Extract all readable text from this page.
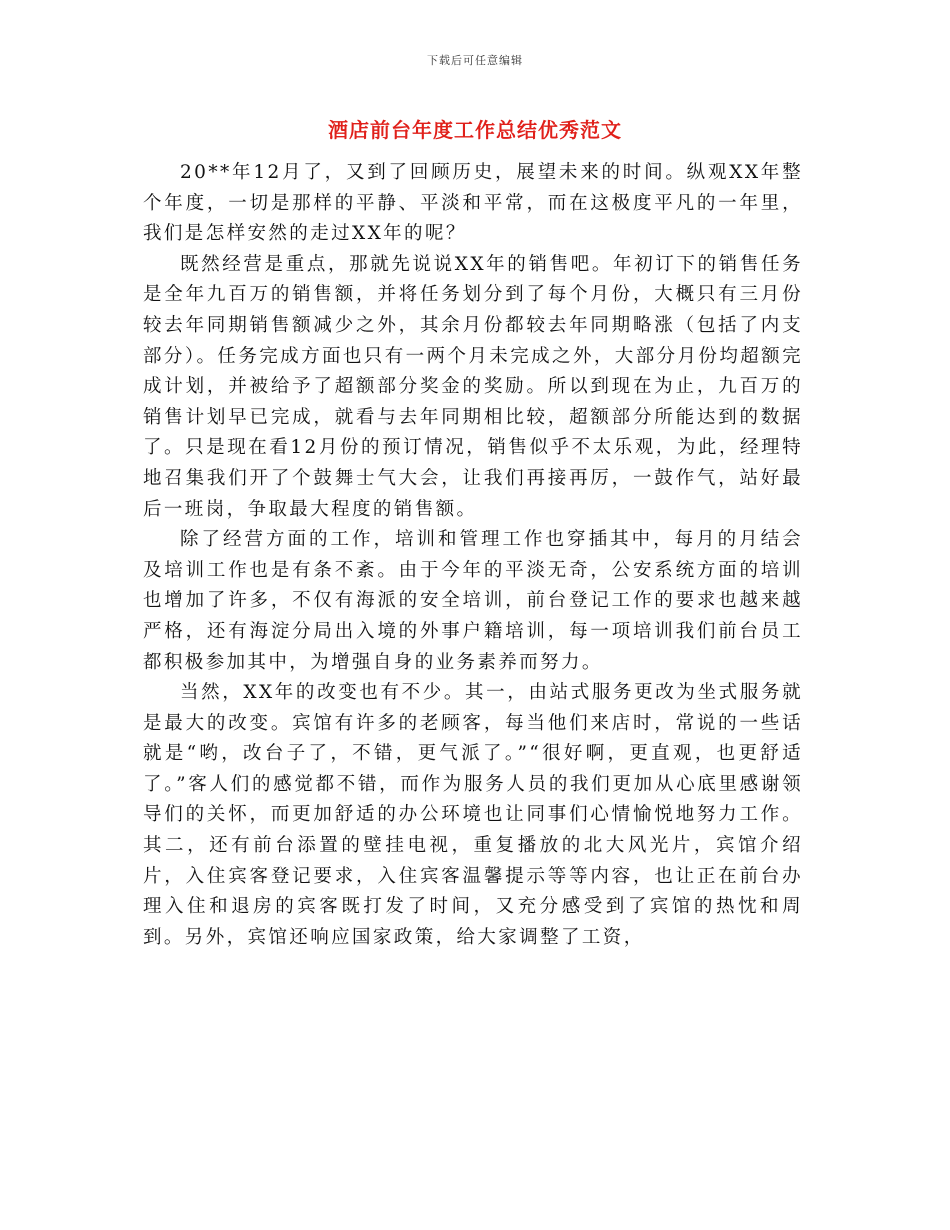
下载后可任意编辑
酒店前台年度工作总结优秀范文

20**年12月了，又到了回顾历史，展望未来的时间。纵观XX年整个年度，一切是那样的平静、平淡和平常，而在这极度平凡的一年里，我们是怎样安然的走过XX年的呢？

既然经营是重点，那就先说说XX年的销售吧。年初订下的销售任务是全年九百万的销售额，并将任务划分到了每个月份，大概只有三月份较去年同期销售额减少之外，其余月份都较去年同期略涨（包括了内支部分）。任务完成方面也只有一两个月未完成之外，大部分月份均超额完成计划，并被给予了超额部分奖金的奖励。所以到现在为止，九百万的销售计划早已完成，就看与去年同期相比较，超额部分所能达到的数据了。只是现在看12月份的预订情况，销售似乎不太乐观，为此，经理特地召集我们开了个鼓舞士气大会，让我们再接再厉，一鼓作气，站好最后一班岗，争取最大程度的销售额。

除了经营方面的工作，培训和管理工作也穿插其中，每月的月结会及培训工作也是有条不紊。由于今年的平淡无奇，公安系统方面的培训也增加了许多，不仅有海派的安全培训，前台登记工作的要求也越来越严格，还有海淀分局出入境的外事户籍培训，每一项培训我们前台员工都积极参加其中，为增强自身的业务素养而努力。

当然，XX年的改变也有不少。其一，由站式服务更改为坐式服务就是最大的改变。宾馆有许多的老顾客，每当他们来店时，常说的一些话就是“哟，改台子了，不错，更气派了。”“很好啊，更直观，也更舒适了。”客人们的感觉都不错，而作为服务人员的我们更加从心底里感谢领导们的关怀，而更加舒适的办公环境也让同事们心情愉悦地努力工作。其二，还有前台添置的壁挂电视，重复播放的北大风光片，宾馆介绍片，入住宾客登记要求，入住宾客温馨提示等等内容，也让正在前台办理入住和退房的宾客既打发了时间，又充分感受到了宾馆的热忱和周到。另外，宾馆还响应国家政策，给大家调整了工资，
